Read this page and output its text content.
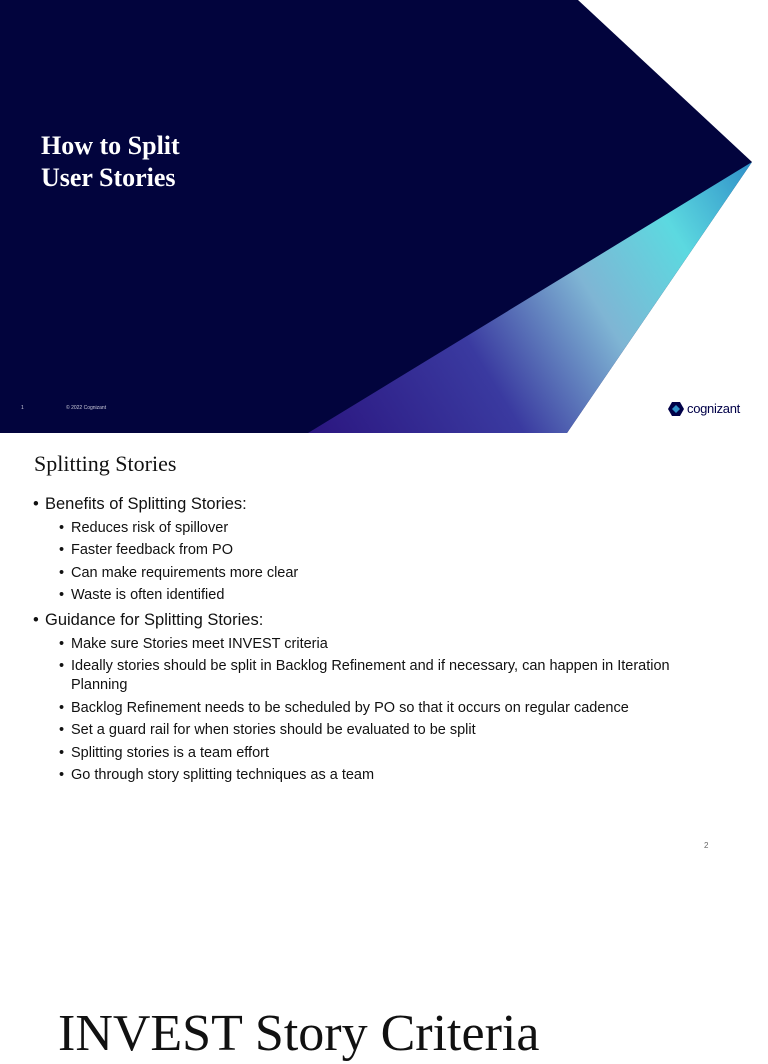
How to Split
User Stories
1	© 2022 Cognizant	cognizant
Splitting Stories
• Benefits of Splitting Stories:
• Reduces risk of spillover
• Faster feedback from PO
• Can make requirements more clear
• Waste is often identified
• Guidance for Splitting Stories:
• Make sure Stories meet INVEST criteria
• Ideally stories should be split in Backlog Refinement and if necessary, can happen in Iteration Planning
• Backlog Refinement needs to be scheduled by PO so that it occurs on regular cadence
• Set a guard rail for when stories should be evaluated to be split
• Splitting stories is a team effort
• Go through story splitting techniques as a team
2
INVEST Story Criteria
